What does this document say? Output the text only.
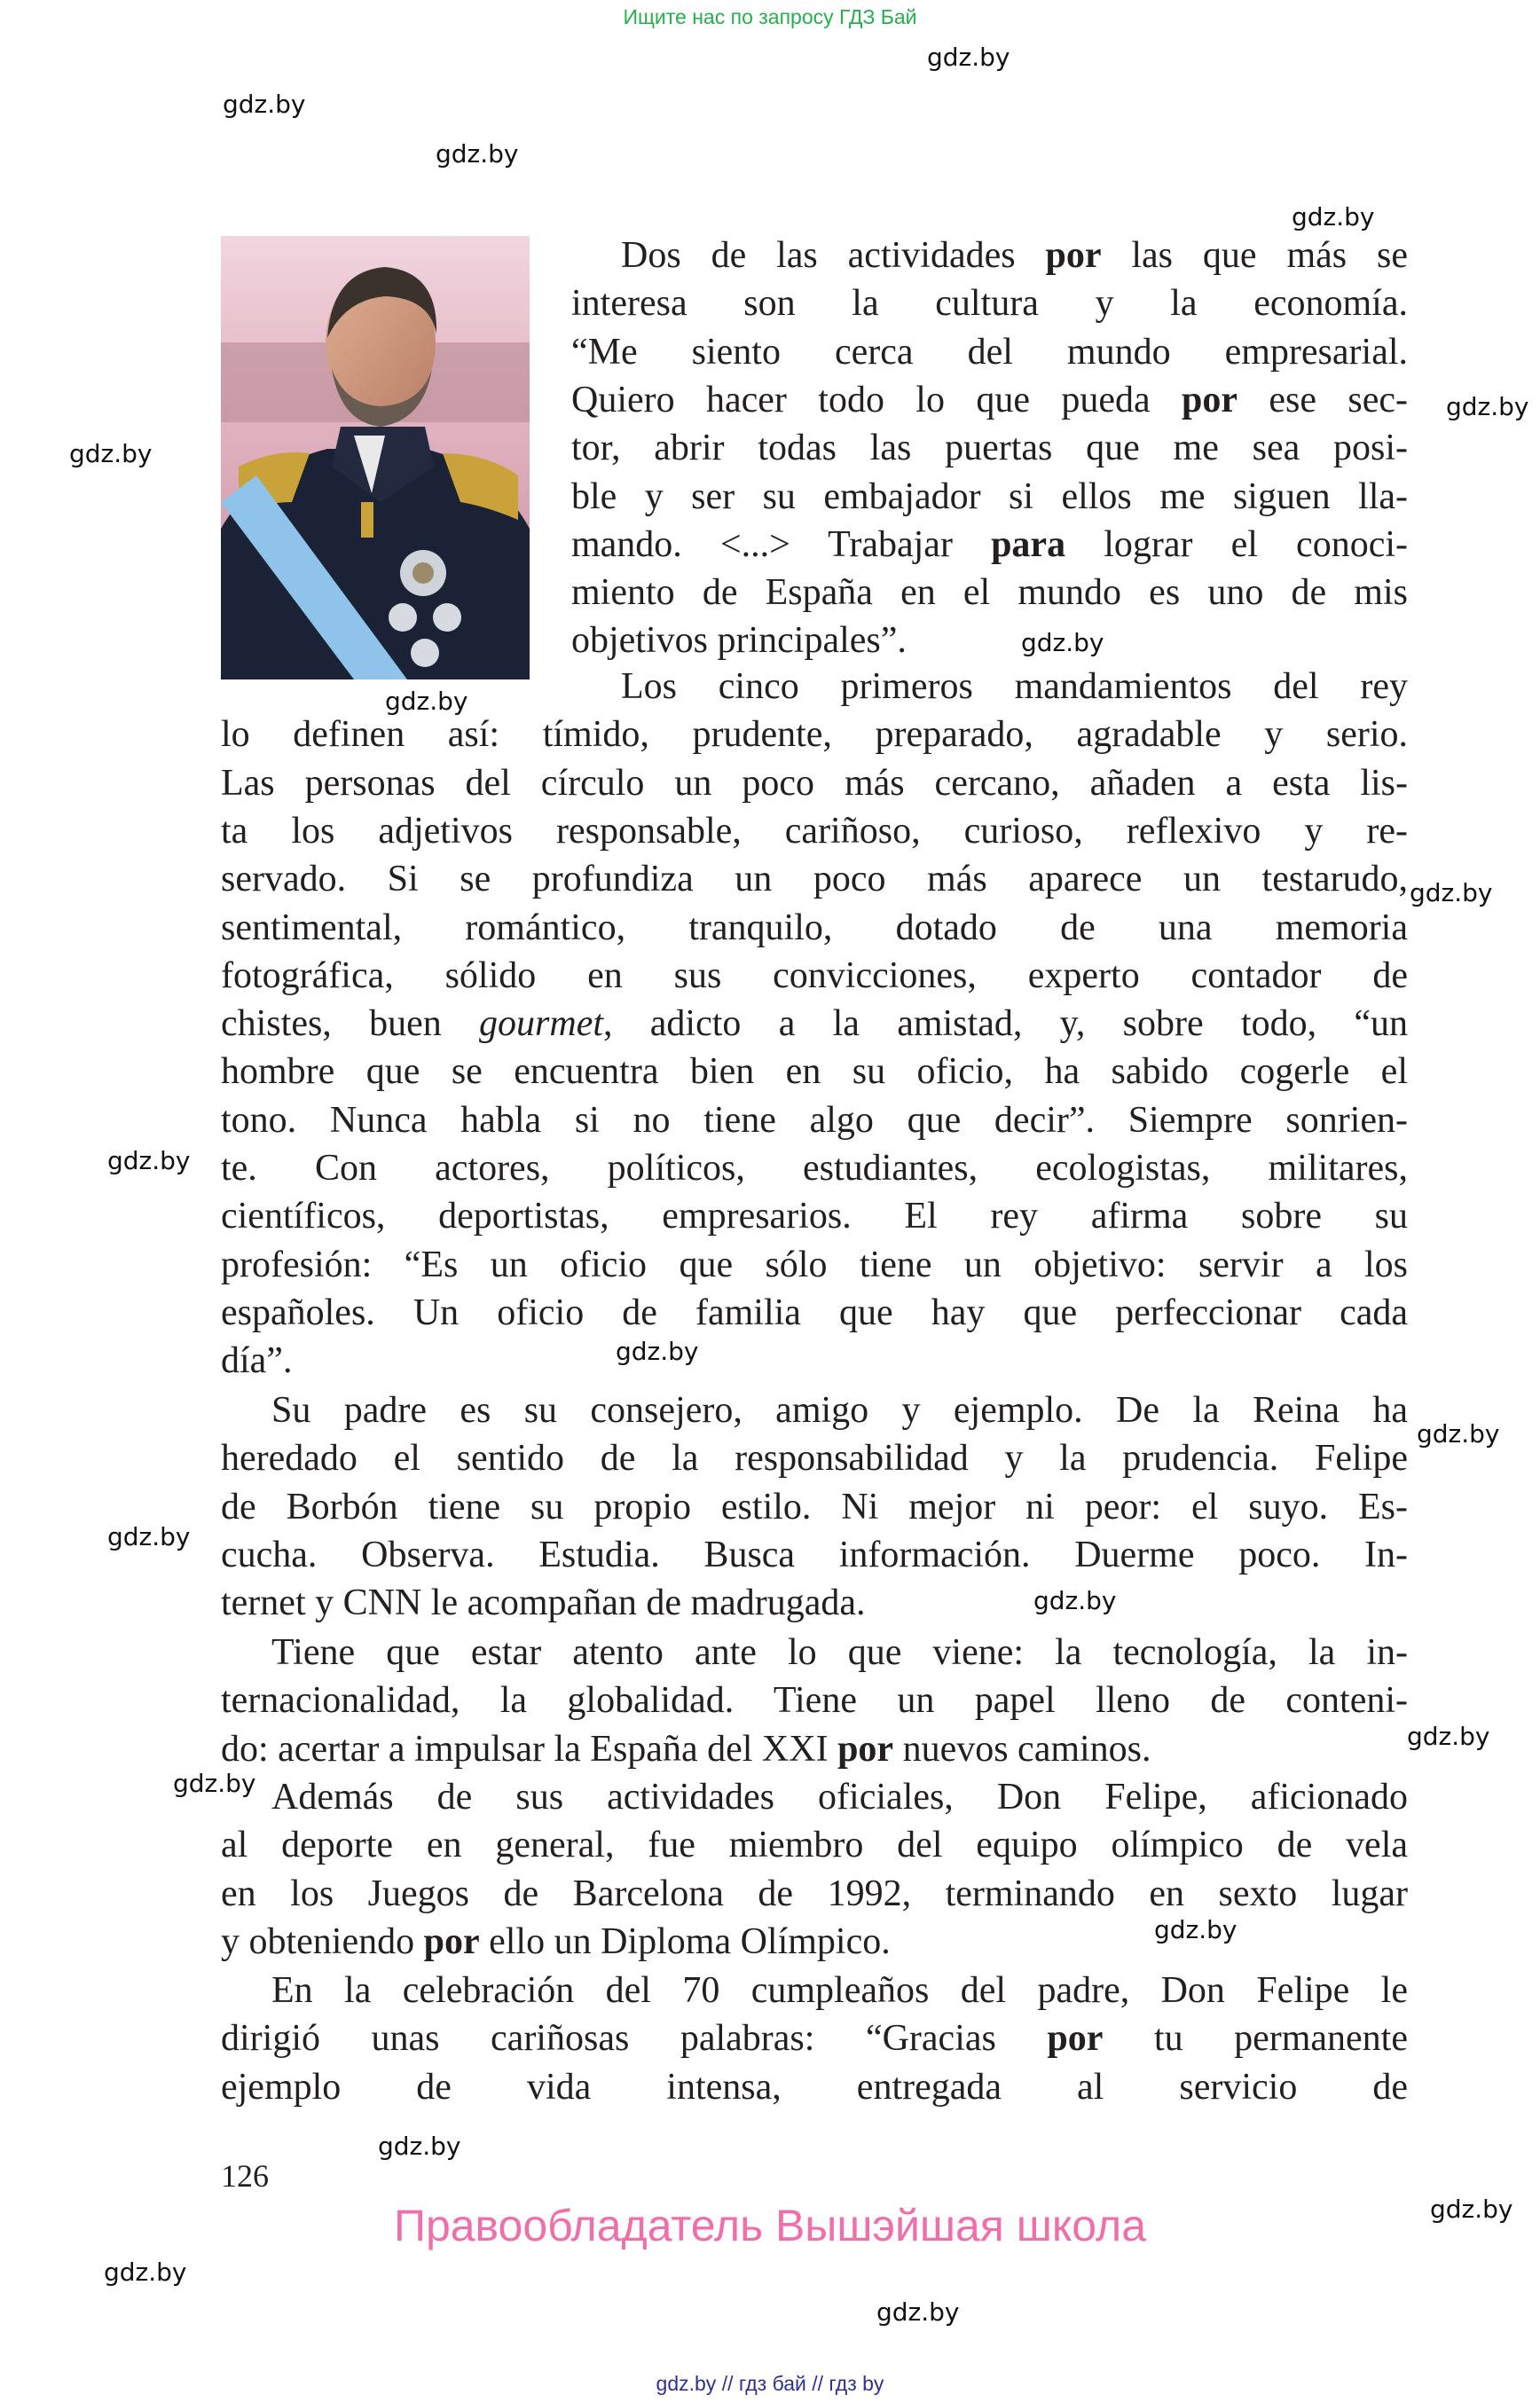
Ищите нас по запросу ГДЗ Бай
gdz.by
gdz.by
gdz.by
gdz.by
gdz.by
gdz.by
gdz.by
gdz.by
gdz.by
gdz.by
gdz.by
gdz.by
gdz.by
gdz.by
gdz.by
gdz.by
gdz.by
gdz.by
gdz.by
gdz.by
gdz.by
Dos de las actividades por las que más se
interesa son la cultura y la economía.
“Me siento cerca del mundo empresarial.
Quiero hacer todo lo que pueda por ese sec-
tor, abrir todas las puertas que me sea posi-
ble y ser su embajador si ellos me siguen lla-
mando. <...> Trabajar para lograr el conoci-
miento de España en el mundo es uno de mis
objetivos principales”.
Los cinco primeros mandamientos del rey
lo definen así: tímido, prudente, preparado, agradable y serio.
Las personas del círculo un poco más cercano, añaden a esta lis-
ta los adjetivos responsable, cariñoso, curioso, reflexivo y re-
servado. Si se profundiza un poco más aparece un testarudo,
sentimental, romántico, tranquilo, dotado de una memoria
fotográfica, sólido en sus convicciones, experto contador de
chistes, buen gourmet, adicto a la amistad, y, sobre todo, “un
hombre que se encuentra bien en su oficio, ha sabido cogerle el
tono. Nunca habla si no tiene algo que decir”. Siempre sonrien-
te. Con actores, políticos, estudiantes, ecologistas, militares,
científicos, deportistas, empresarios. El rey afirma sobre su
profesión: “Es un oficio que sólo tiene un objetivo: servir a los
españoles. Un oficio de familia que hay que perfeccionar cada
día”.
Su padre es su consejero, amigo y ejemplo. De la Reina ha
heredado el sentido de la responsabilidad y la prudencia. Felipe
de Borbón tiene su propio estilo. Ni mejor ni peor: el suyo. Es-
cucha. Observa. Estudia. Busca información. Duerme poco. In-
ternet y CNN le acompañan de madrugada.
Tiene que estar atento ante lo que viene: la tecnología, la in-
ternacionalidad, la globalidad. Tiene un papel lleno de conteni-
do: acertar a impulsar la España del XXI por nuevos caminos.
Además de sus actividades oficiales, Don Felipe, aficionado
al deporte en general, fue miembro del equipo olímpico de vela
en los Juegos de Barcelona de 1992, terminando en sexto lugar
y obteniendo por ello un Diploma Olímpico.
En la celebración del 70 cumpleaños del padre, Don Felipe le
dirigió unas cariñosas palabras: “Gracias por tu permanente
ejemplo de vida intensa, entregada al servicio de
126
Правообладатель Вышэйшая школа
gdz.by // гдз бай // гдз by
